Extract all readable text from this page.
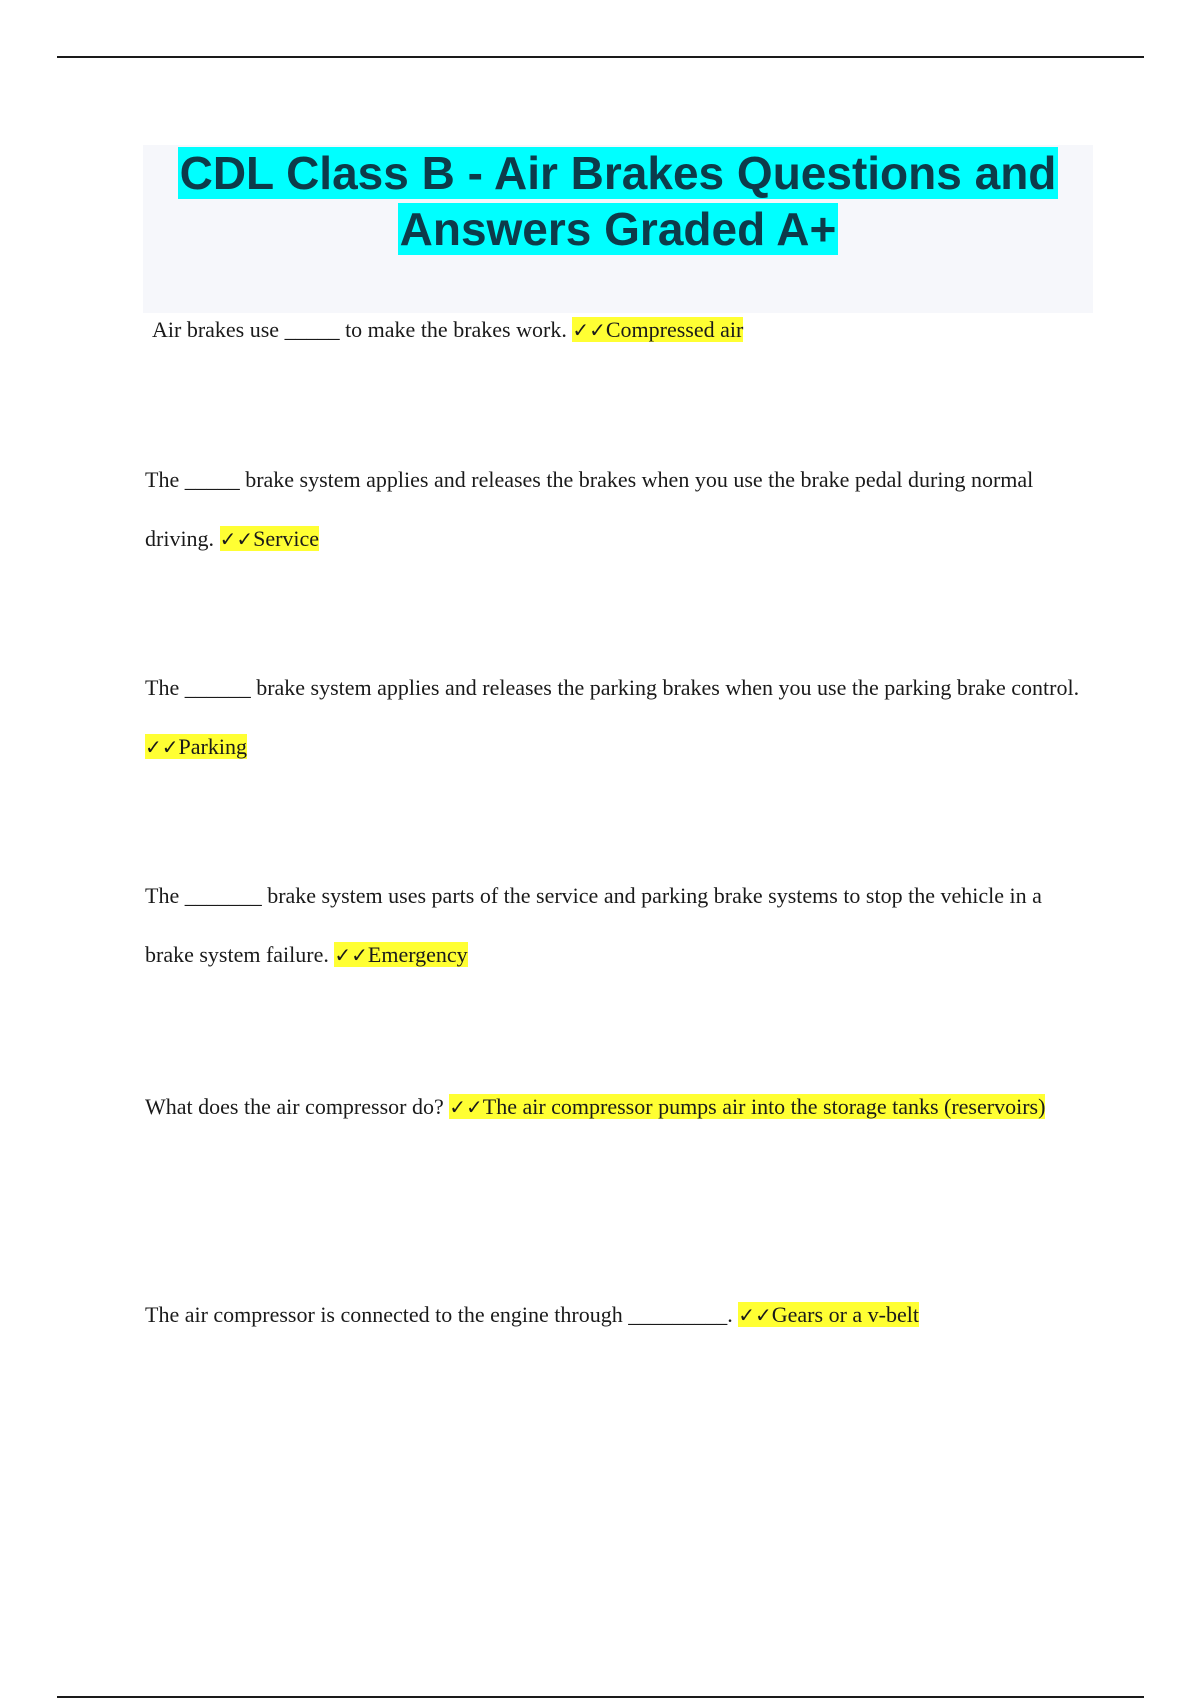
CDL Class B - Air Brakes Questions and
Answers Graded A+

Air brakes use _____ to make the brakes work. ✓✓Compressed air

The _____ brake system applies and releases the brakes when you use the brake pedal during normal driving. ✓✓Service

The ______ brake system applies and releases the parking brakes when you use the parking brake control. ✓✓Parking

The _______ brake system uses parts of the service and parking brake systems to stop the vehicle in a brake system failure. ✓✓Emergency

What does the air compressor do? ✓✓The air compressor pumps air into the storage tanks (reservoirs)

The air compressor is connected to the engine through _________. ✓✓Gears or a v-belt
